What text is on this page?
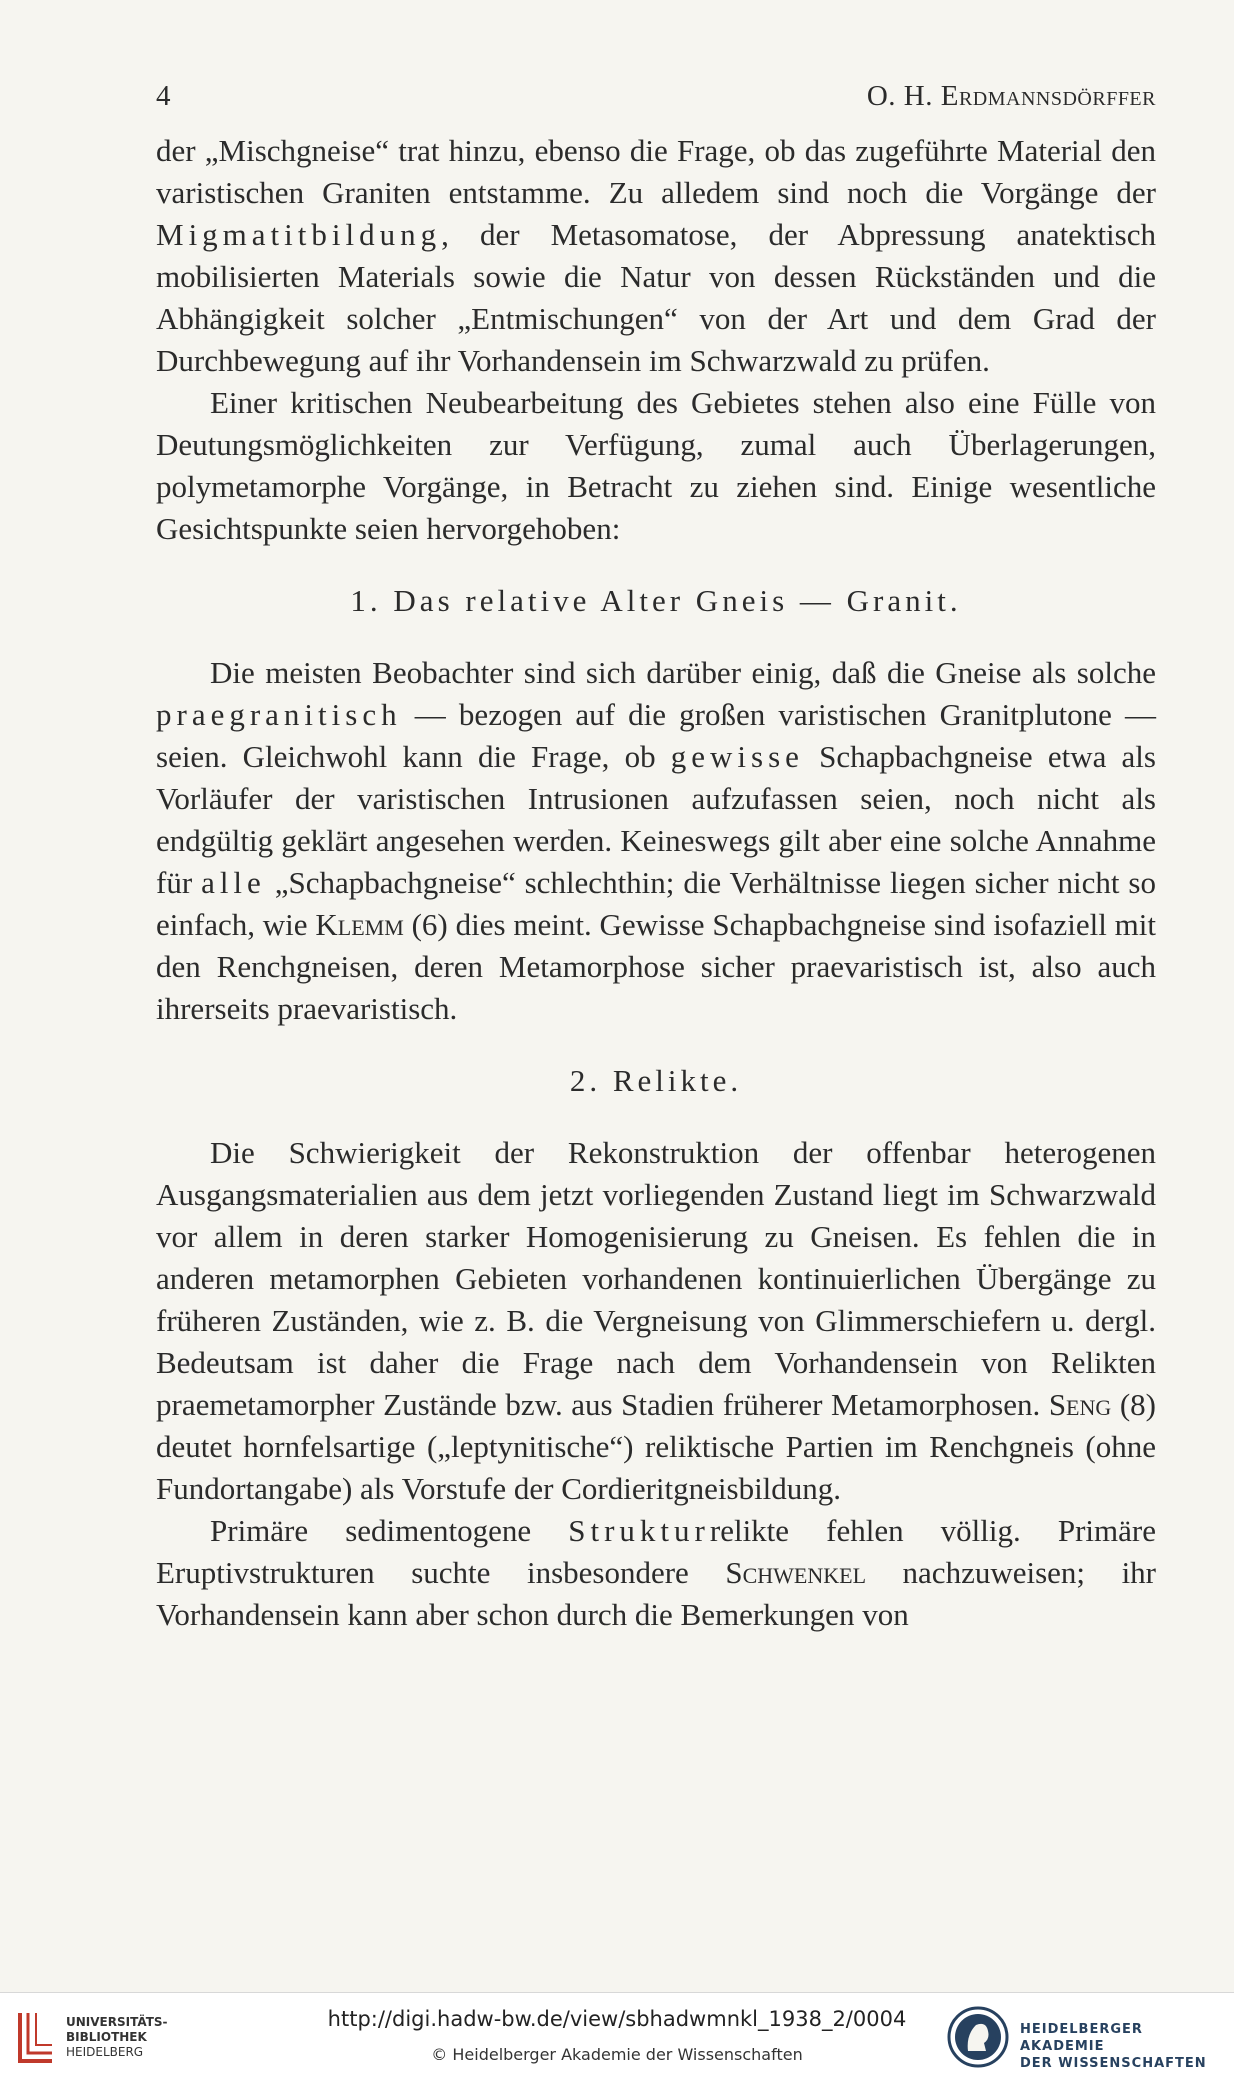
4	O. H. Erdmannsdörffer

der „Mischgneise“ trat hinzu, ebenso die Frage, ob das zugeführte Material den varistischen Graniten entstamme. Zu alledem sind noch die Vorgänge der Migmatitbildung, der Metasomatose, der Abpressung anatektisch mobilisierten Materials sowie die Natur von dessen Rückständen und die Abhängigkeit solcher „Entmischungen“ von der Art und dem Grad der Durchbewegung auf ihr Vorhandensein im Schwarzwald zu prüfen.

Einer kritischen Neubearbeitung des Gebietes stehen also eine Fülle von Deutungsmöglichkeiten zur Verfügung, zumal auch Überlagerungen, polymetamorphe Vorgänge, in Betracht zu ziehen sind. Einige wesentliche Gesichtspunkte seien hervorgehoben:

1. Das relative Alter Gneis — Granit.

Die meisten Beobachter sind sich darüber einig, daß die Gneise als solche praegranitisch — bezogen auf die großen varistischen Granitplutone — seien. Gleichwohl kann die Frage, ob gewisse Schapbachgneise etwa als Vorläufer der varistischen Intrusionen aufzufassen seien, noch nicht als endgültig geklärt angesehen werden. Keineswegs gilt aber eine solche Annahme für alle „Schapbachgneise“ schlechthin; die Verhältnisse liegen sicher nicht so einfach, wie Klemm (6) dies meint. Gewisse Schapbachgneise sind isofaziell mit den Renchgneisen, deren Metamorphose sicher praevaristisch ist, also auch ihrerseits praevaristisch.

2. Relikte.

Die Schwierigkeit der Rekonstruktion der offenbar heterogenen Ausgangsmaterialien aus dem jetzt vorliegenden Zustand liegt im Schwarzwald vor allem in deren starker Homogenisierung zu Gneisen. Es fehlen die in anderen metamorphen Gebieten vorhandenen kontinuierlichen Übergänge zu früheren Zuständen, wie z. B. die Vergneisung von Glimmerschiefern u. dergl. Bedeutsam ist daher die Frage nach dem Vorhandensein von Relikten praemetamorpher Zustände bzw. aus Stadien früherer Metamorphosen. Seng (8) deutet hornfelsartige („leptynitische“) reliktische Partien im Renchgneis (ohne Fundortangabe) als Vorstufe der Cordieritgneisbildung.

Primäre sedimentogene Strukturrelikte fehlen völlig. Primäre Eruptivstrukturen suchte insbesondere Schwenkel nachzuweisen; ihr Vorhandensein kann aber schon durch die Bemerkungen von

UNIVERSITÄTS-
BIBLIOTHEK
HEIDELBERG
http://digi.hadw-bw.de/view/sbhadwmnkl_1938_2/0004
© Heidelberger Akademie der Wissenschaften
HEIDELBERGER AKADEMIE
DER WISSENSCHAFTEN
